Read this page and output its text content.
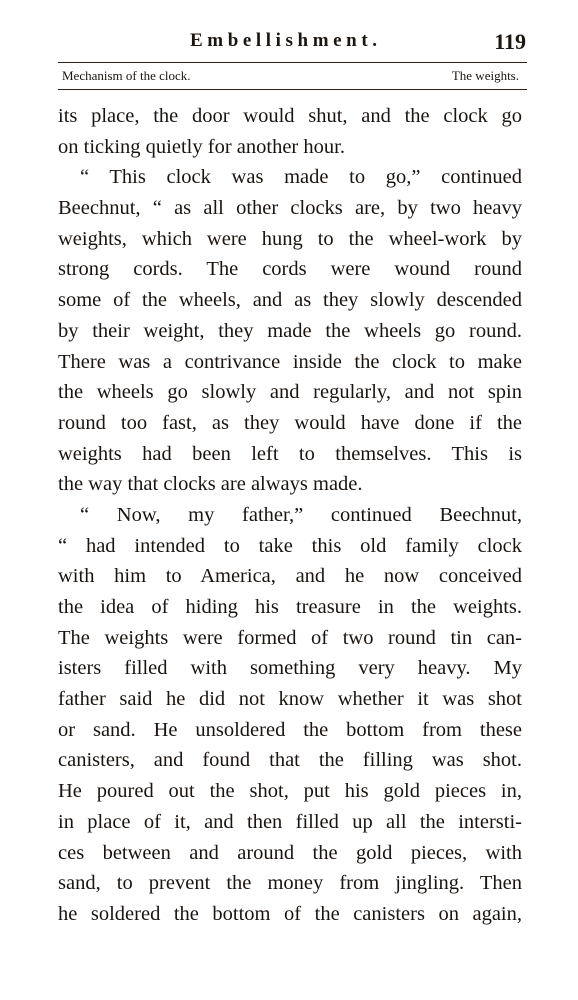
Embellishment.	119
Mechanism of the clock.	The weights.
its place, the door would shut, and the clock go
on ticking quietly for another hour.
“ This clock was made to go,” continued
Beechnut, “ as all other clocks are, by two heavy
weights, which were hung to the wheel-work by
strong cords. The cords were wound round
some of the wheels, and as they slowly descended
by their weight, they made the wheels go round.
There was a contrivance inside the clock to make
the wheels go slowly and regularly, and not spin
round too fast, as they would have done if the
weights had been left to themselves. This is
the way that clocks are always made.
“ Now, my father,” continued Beechnut,
“ had intended to take this old family clock
with him to America, and he now conceived
the idea of hiding his treasure in the weights.
The weights were formed of two round tin can-
isters filled with something very heavy. My
father said he did not know whether it was shot
or sand. He unsoldered the bottom from these
canisters, and found that the filling was shot.
He poured out the shot, put his gold pieces in,
in place of it, and then filled up all the intersti-
ces between and around the gold pieces, with
sand, to prevent the money from jingling. Then
he soldered the bottom of the canisters on again,
